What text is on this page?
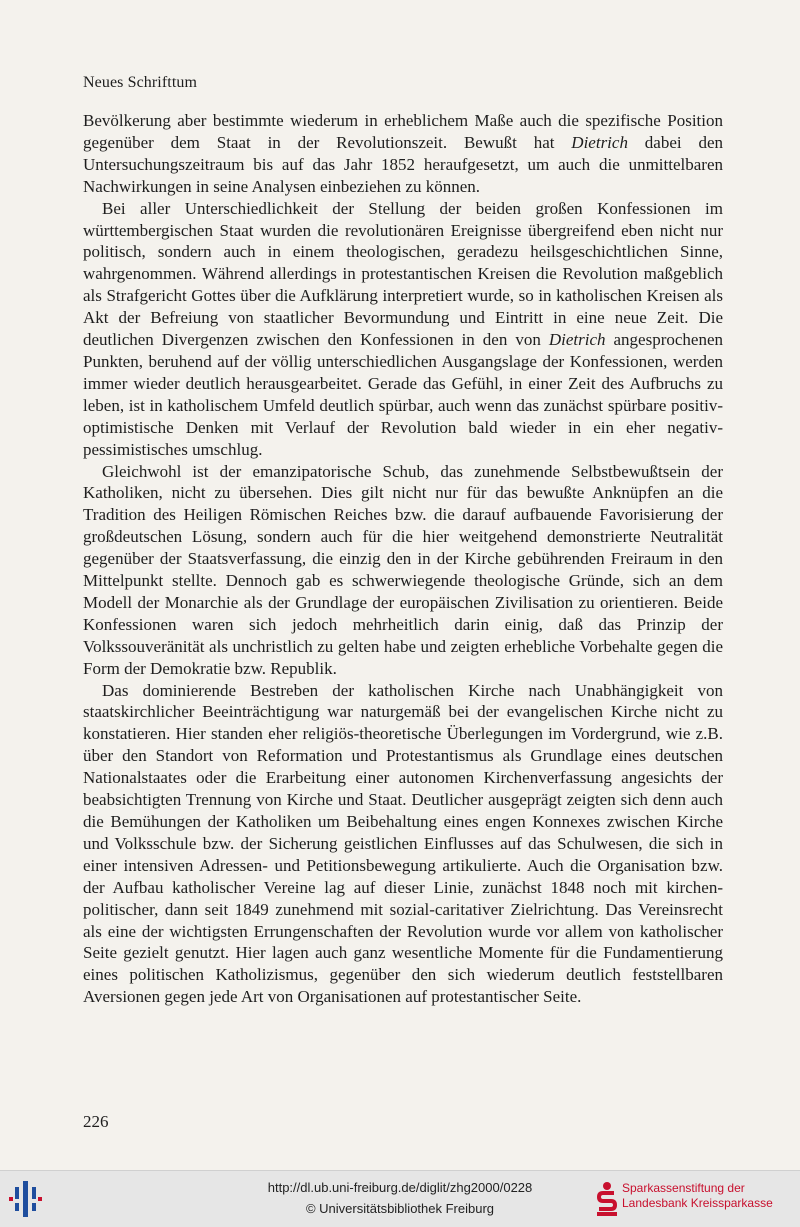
Neues Schrifttum

Bevölkerung aber bestimmte wiederum in erheblichem Maße auch die spezifische Position gegenüber dem Staat in der Revolutionszeit. Bewußt hat Dietrich dabei den Untersuchungszeitraum bis auf das Jahr 1852 heraufgesetzt, um auch die unmittelbaren Nachwirkungen in seine Analysen einbeziehen zu können.

Bei aller Unterschiedlichkeit der Stellung der beiden großen Konfessionen im württembergischen Staat wurden die revolutionären Ereignisse übergreifend eben nicht nur politisch, sondern auch in einem theologischen, geradezu heilsgeschichtlichen Sinne, wahrgenommen. Während allerdings in protestantischen Kreisen die Revolution maßgeblich als Strafgericht Gottes über die Aufklärung interpretiert wurde, so in katholischen Kreisen als Akt der Befreiung von staatlicher Bevormundung und Eintritt in eine neue Zeit. Die deutlichen Divergenzen zwischen den Konfessionen in den von Dietrich angesprochenen Punkten, beruhend auf der völlig unterschiedlichen Ausgangslage der Konfessionen, werden immer wieder deutlich herausgearbeitet. Gerade das Gefühl, in einer Zeit des Aufbruchs zu leben, ist in katholischem Umfeld deutlich spürbar, auch wenn das zunächst spürbare positiv-optimistische Denken mit Verlauf der Revolution bald wieder in ein eher negativ-pessimistisches umschlug.

Gleichwohl ist der emanzipatorische Schub, das zunehmende Selbstbewußtsein der Katholiken, nicht zu übersehen. Dies gilt nicht nur für das bewußte Anknüpfen an die Tradition des Heiligen Römischen Reiches bzw. die darauf aufbauende Favorisierung der großdeutschen Lösung, sondern auch für die hier weitgehend demonstrierte Neutralität gegenüber der Staatsverfassung, die einzig den in der Kirche gebührenden Freiraum in den Mittelpunkt stellte. Dennoch gab es schwerwiegende theologische Gründe, sich an dem Modell der Monarchie als der Grundlage der europäischen Zivilisation zu orientieren. Beide Konfessionen waren sich jedoch mehrheitlich darin einig, daß das Prinzip der Volkssouveränität als unchristlich zu gelten habe und zeigten erhebliche Vorbehalte gegen die Form der Demokratie bzw. Republik.

Das dominierende Bestreben der katholischen Kirche nach Unabhängigkeit von staatskirchlicher Beeinträchtigung war naturgemäß bei der evangelischen Kirche nicht zu konstatieren. Hier standen eher religiös-theoretische Überlegungen im Vordergrund, wie z.B. über den Standort von Reformation und Protestantismus als Grundlage eines deutschen Nationalstaates oder die Erarbeitung einer autonomen Kirchenverfassung angesichts der beabsichtigten Trennung von Kirche und Staat. Deutlicher ausgeprägt zeigten sich denn auch die Bemühungen der Katholiken um Beibehaltung eines engen Konnexes zwischen Kirche und Volksschule bzw. der Sicherung geistlichen Einflusses auf das Schulwesen, die sich in einer intensiven Adressen- und Petitionsbewegung artikulierte. Auch die Organisation bzw. der Aufbau katholischer Vereine lag auf dieser Linie, zunächst 1848 noch mit kirchenpolitischer, dann seit 1849 zunehmend mit sozial-caritativer Zielrichtung. Das Vereinsrecht als eine der wichtigsten Errungenschaften der Revolution wurde vor allem von katholischer Seite gezielt genutzt. Hier lagen auch ganz wesentliche Momente für die Fundamentierung eines politischen Katholizismus, gegenüber den sich wiederum deutlich feststellbaren Aversionen gegen jede Art von Organisationen auf protestantischer Seite.

226
http://dl.ub.uni-freiburg.de/diglit/zhg2000/0228
© Universitätsbibliothek Freiburg
Sparkassenstiftung der
Landesbank Kreissparkasse
